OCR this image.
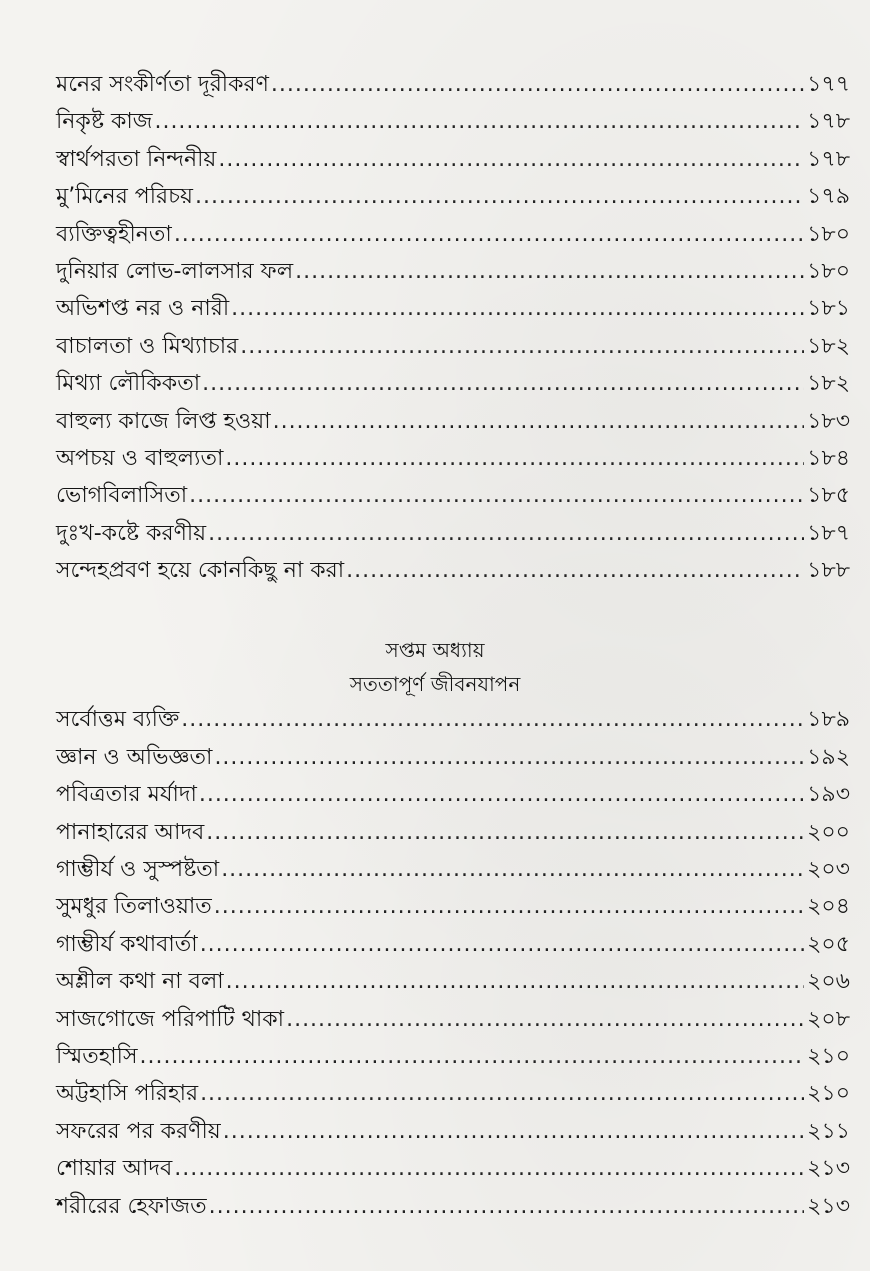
মনের সংকীর্ণতা দূরীকরণ .....	১৭৭
নিকৃষ্ট কাজ .....	১৭৮
স্বার্থপরতা নিন্দনীয় .....	১৭৮
মু’মিনের পরিচয় .....	১৭৯
ব্যক্তিত্বহীনতা .....	১৮০
দুনিয়ার লোভ-লালসার ফল .....	১৮০
অভিশপ্ত নর ও নারী .....	১৮১
বাচালতা ও মিথ্যাচার .....	১৮২
মিথ্যা লৌকিকতা .....	১৮২
বাহুল্য কাজে লিপ্ত হওয়া .....	১৮৩
অপচয় ও বাহুল্যতা .....	১৮৪
ভোগবিলাসিতা .....	১৮৫
দুঃখ-কষ্টে করণীয় .....	১৮৭
সন্দেহপ্রবণ হয়ে কোনকিছু না করা .....	১৮৮
সপ্তম অধ্যায়
সততাপূর্ণ জীবনযাপন
সর্বোত্তম ব্যক্তি .....	১৮৯
জ্ঞান ও অভিজ্ঞতা .....	১৯২
পবিত্রতার মর্যাদা .....	১৯৩
পানাহারের আদব .....	২০০
গাম্ভীর্য ও সুস্পষ্টতা .....	২০৩
সুমধুর তিলাওয়াত .....	২০৪
গাম্ভীর্য কথাবার্তা .....	২০৫
অশ্লীল কথা না বলা .....	২০৬
সাজগোজে পরিপাটি থাকা .....	২০৮
স্মিতহাসি .....	২১০
অট্টহাসি পরিহার .....	২১০
সফরের পর করণীয় .....	২১১
শোয়ার আদব .....	২১৩
শরীরের হেফাজত .....	২১৩
